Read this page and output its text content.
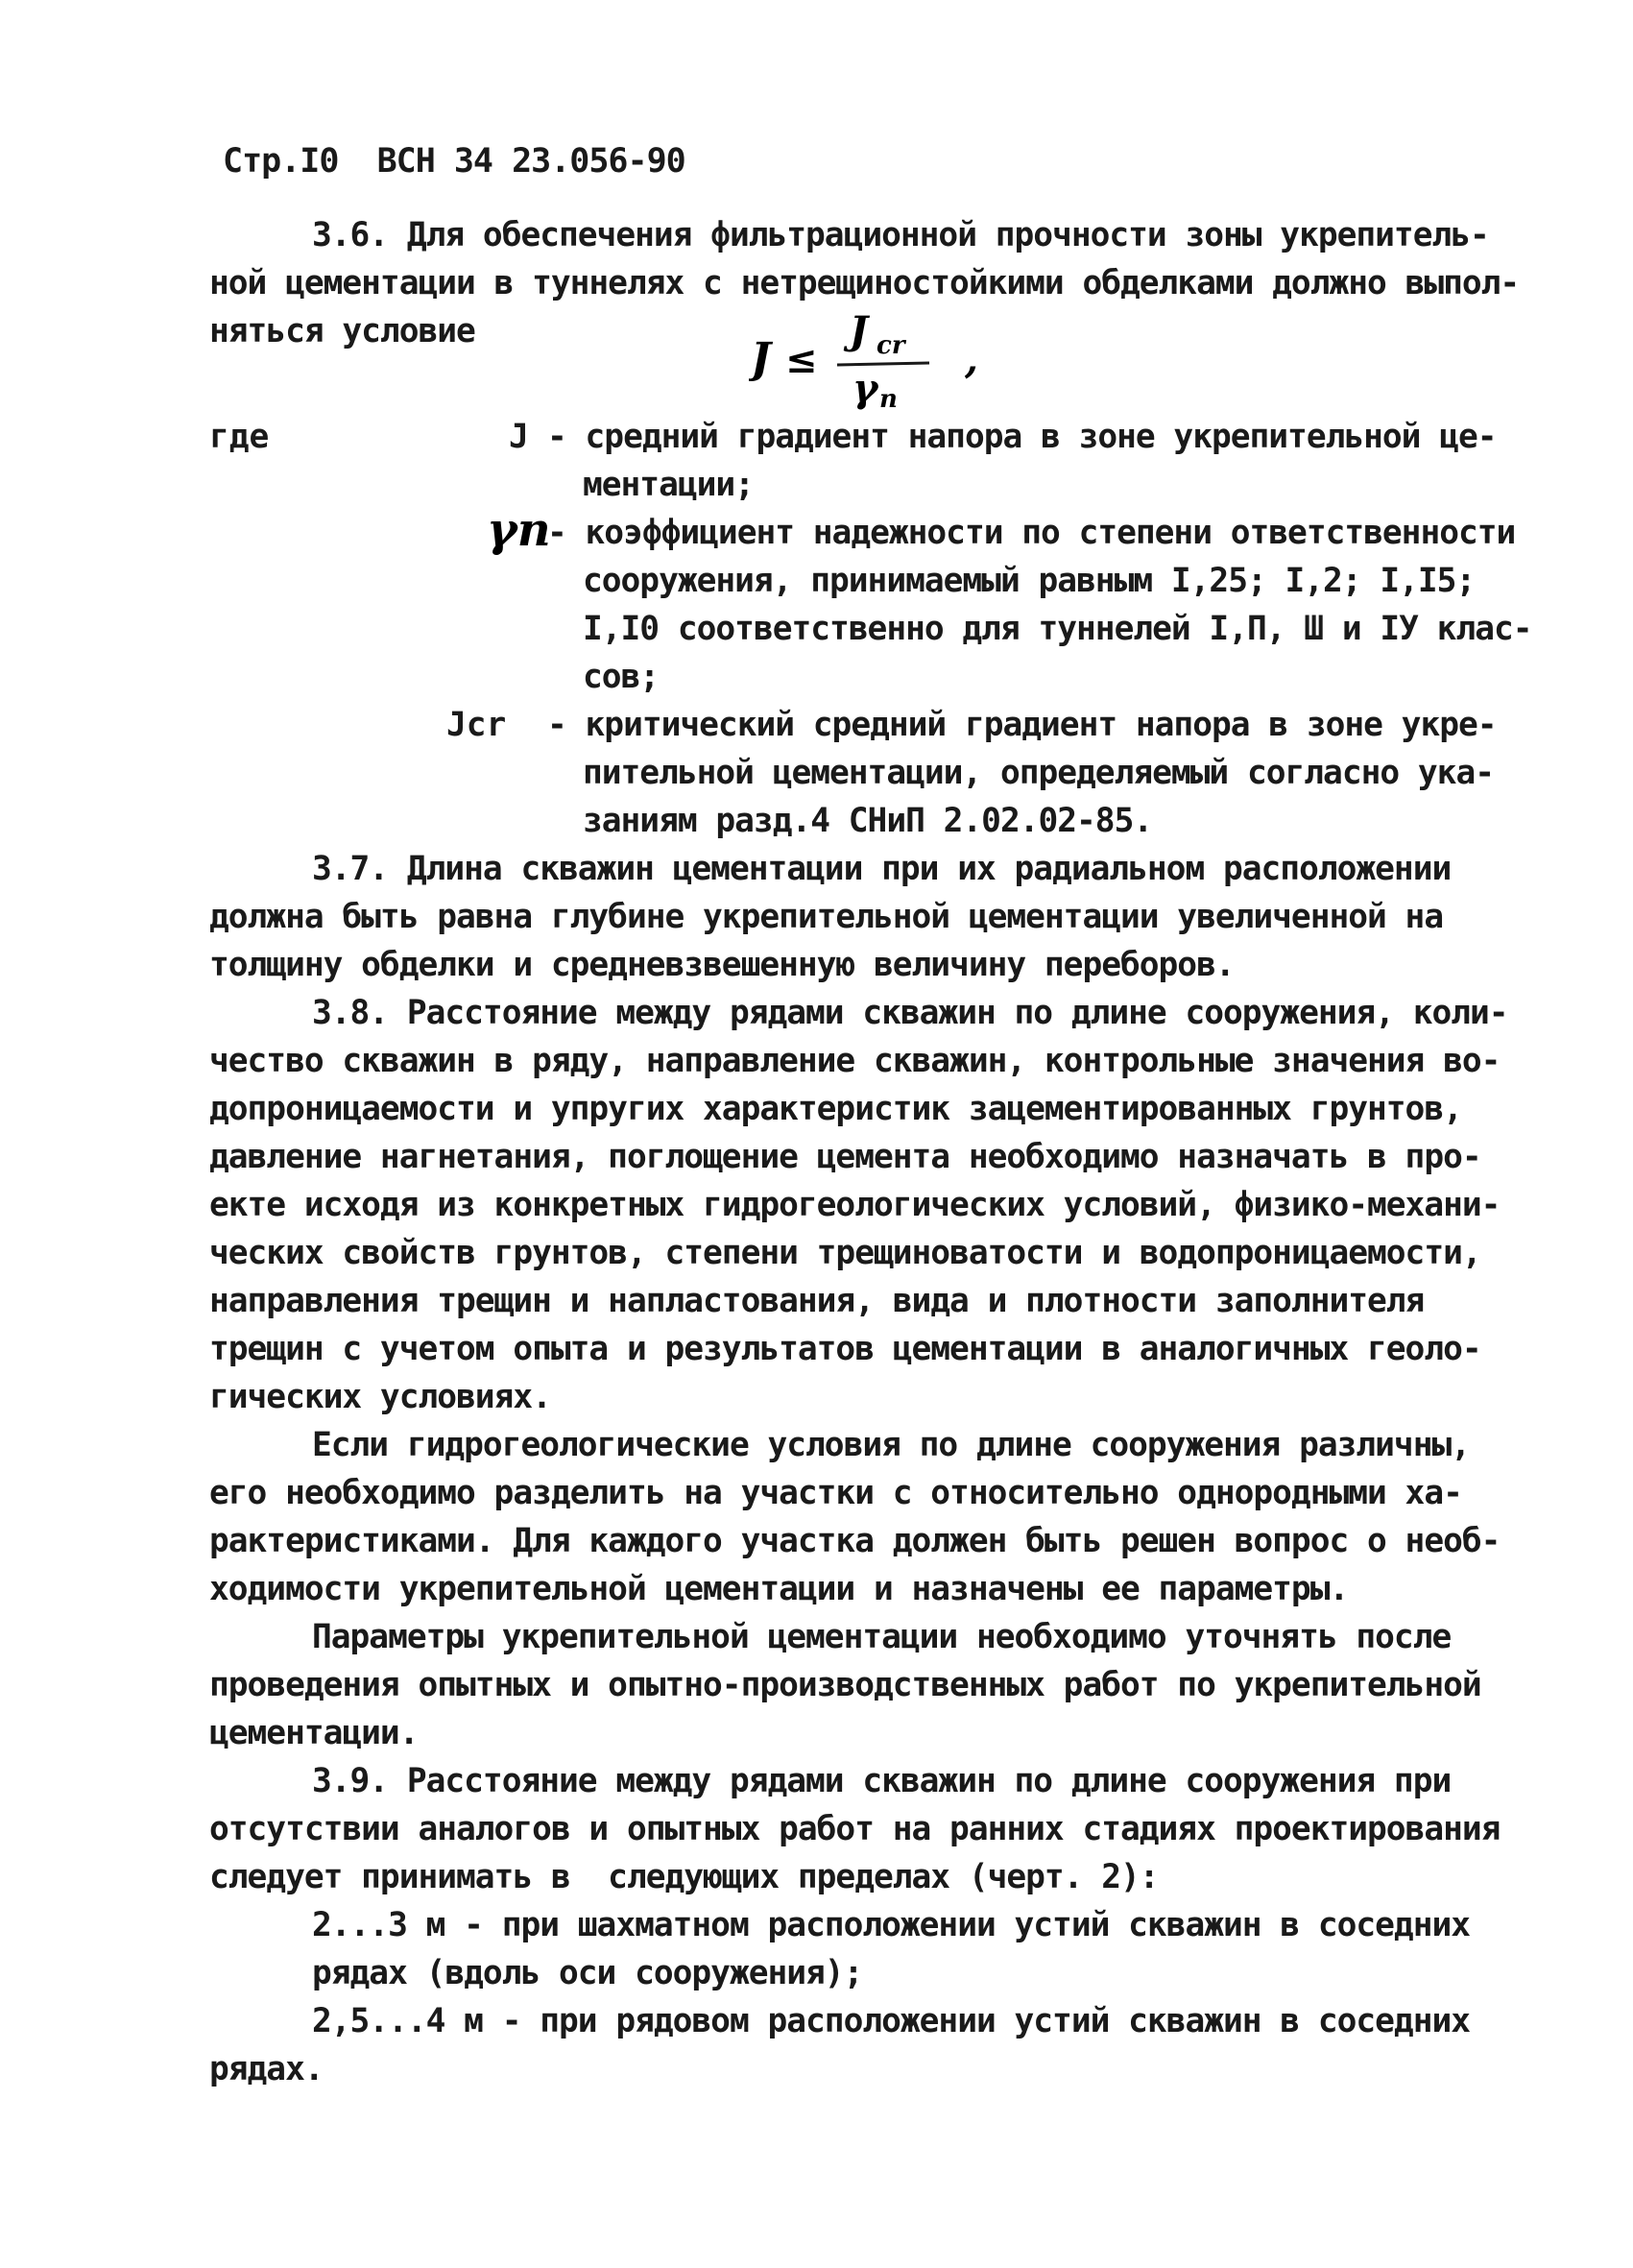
Стр.I0  ВСН 34 23.056-90

3.6. Для обеспечения фильтрационной прочности зоны укрепитель-

ной цементации в туннелях с нетрещиностойкими обделками должно выпол-

няться условие

J ≤
J cr
γ n
,

где	J - средний градиент напора в зоне укрепительной це-

ментации;

γn

- коэффициент надежности по степени ответственности

сооружения, принимаемый равным I,25; I,2; I,I5;

I,I0 соответственно для туннелей I,П, Ш и IУ клас-

сов;

Jcr - критический средний градиент напора в зоне укре-

пительной цементации, определяемый согласно ука-

заниям разд.4 СНиП 2.02.02-85.

3.7. Длина скважин цементации при их радиальном расположении

должна быть равна глубине укрепительной цементации увеличенной на

толщину обделки и средневзвешенную величину переборов.

3.8. Расстояние между рядами скважин по длине сооружения, коли-

чество скважин в ряду, направление скважин, контрольные значения во-

допроницаемости и упругих характеристик зацементированных грунтов,

давление нагнетания, поглощение цемента необходимо назначать в про-

екте исходя из конкретных гидрогеологических условий, физико-механи-

ческих свойств грунтов, степени трещиноватости и водопроницаемости,

направления трещин и напластования, вида и плотности заполнителя

трещин с учетом опыта и результатов цементации в аналогичных геоло-

гических условиях.

Если гидрогеологические условия по длине сооружения различны,

его необходимо разделить на участки с относительно однородными ха-

рактеристиками. Для каждого участка должен быть решен вопрос о необ-

ходимости укрепительной цементации и назначены ее параметры.

Параметры укрепительной цементации необходимо уточнять после

проведения опытных и опытно-производственных работ по укрепительной

цементации.

3.9. Расстояние между рядами скважин по длине сооружения при

отсутствии аналогов и опытных работ на ранних стадиях проектирования

следует принимать в  следующих пределах (черт. 2):

2...3 м - при шахматном расположении устий скважин в соседних

рядах (вдоль оси сооружения);

2,5...4 м - при рядовом расположении устий скважин в соседних

рядах.
